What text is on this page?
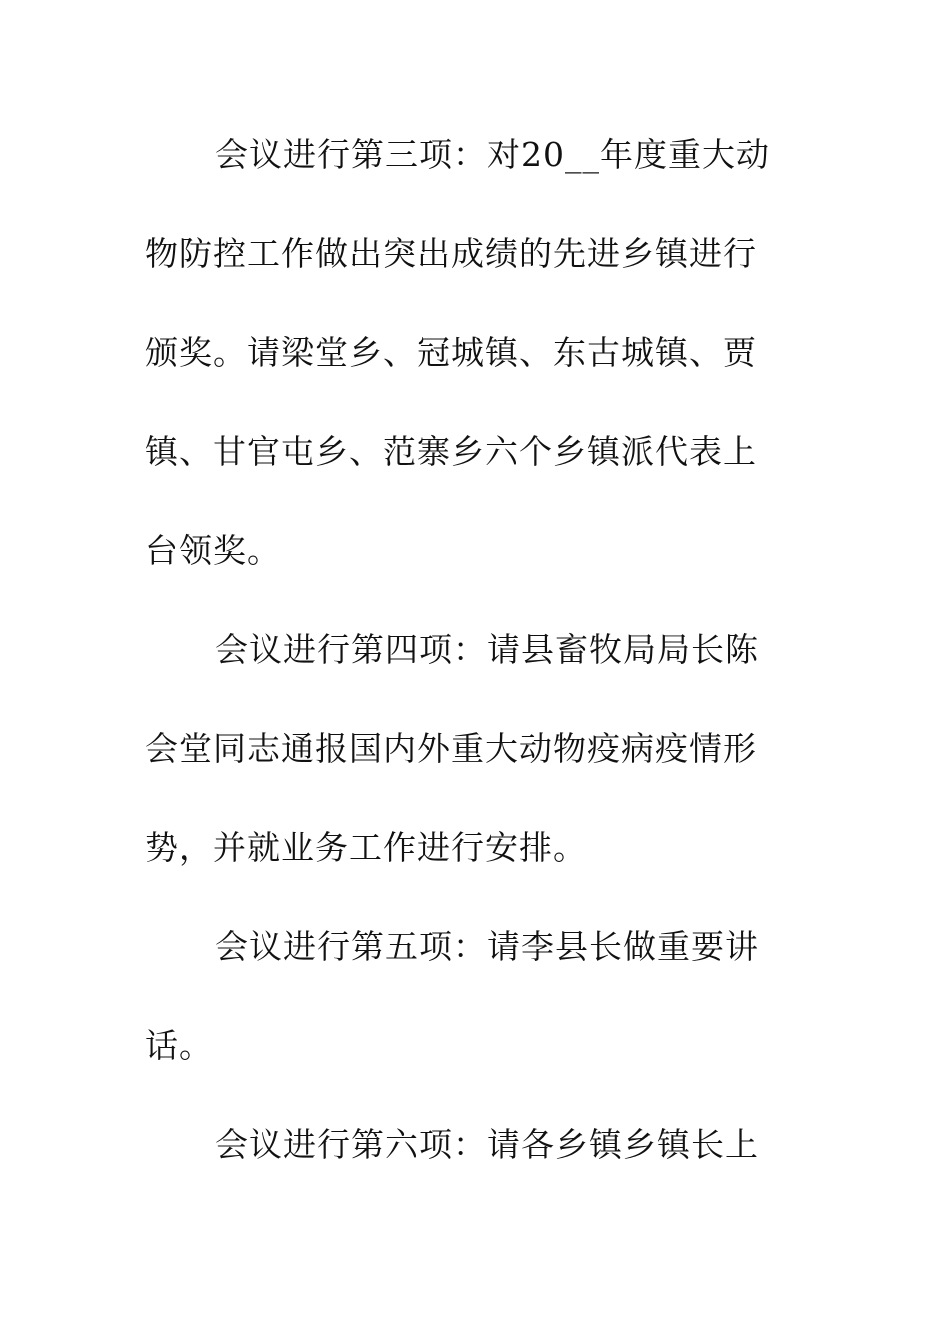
会议进行第三项：对20__年度重大动
物防控工作做出突出成绩的先进乡镇进行
颁奖。请梁堂乡、冠城镇、东古城镇、贾
镇、甘官屯乡、范寨乡六个乡镇派代表上
台领奖。
会议进行第四项：请县畜牧局局长陈
会堂同志通报国内外重大动物疫病疫情形
势，并就业务工作进行安排。
会议进行第五项：请李县长做重要讲
话。
会议进行第六项：请各乡镇乡镇长上
